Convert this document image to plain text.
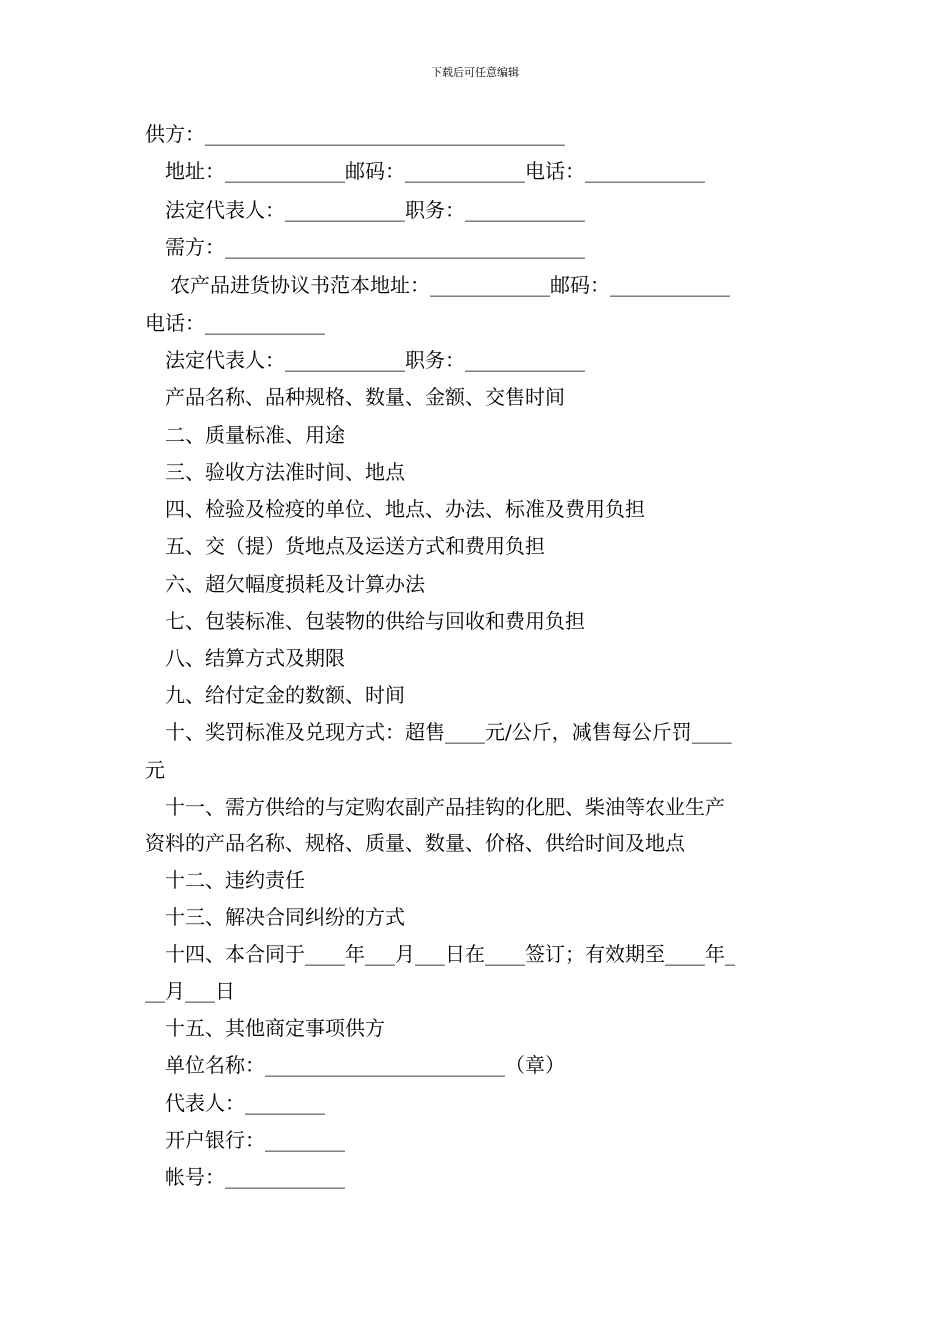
下载后可任意编辑
供方：____________________________________
地址：____________邮码：____________电话：____________
法定代表人：____________职务：____________
需方：____________________________________
农产品进货协议书范本地址：____________邮码：____________
电话：____________
法定代表人：____________职务：____________
产品名称、品种规格、数量、金额、交售时间
二、质量标准、用途
三、验收方法准时间、地点
四、检验及检疫的单位、地点、办法、标准及费用负担
五、交（提）货地点及运送方式和费用负担
六、超欠幅度损耗及计算办法
七、包装标准、包装物的供给与回收和费用负担
八、结算方式及期限
九、给付定金的数额、时间
十、奖罚标准及兑现方式：超售____元/公斤，减售每公斤罚____
元
十一、需方供给的与定购农副产品挂钩的化肥、柴油等农业生产
资料的产品名称、规格、质量、数量、价格、供给时间及地点
十二、违约责任
十三、解决合同纠纷的方式
十四、本合同于____年___月___日在____签订；有效期至____年_
__月___日
十五、其他商定事项供方
单位名称：________________________（章）
代表人：________
开户银行：________
帐号：____________
